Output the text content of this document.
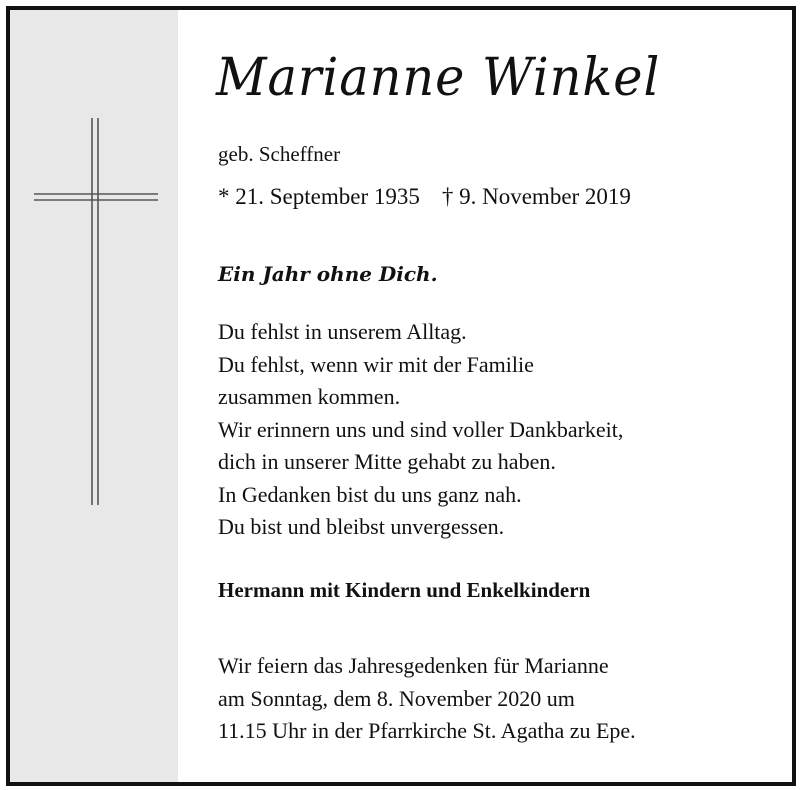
Marianne Winkel
geb. Scheffner
* 21. September 1935 † 9. November 2019
Ein Jahr ohne Dich.
Du fehlst in unserem Alltag.
Du fehlst, wenn wir mit der Familie
zusammen kommen.
Wir erinnern uns und sind voller Dankbarkeit,
dich in unserer Mitte gehabt zu haben.
In Gedanken bist du uns ganz nah.
Du bist und bleibst unvergessen.
Hermann mit Kindern und Enkelkindern
Wir feiern das Jahresgedenken für Marianne
am Sonntag, dem 8. November 2020 um
11.15 Uhr in der Pfarrkirche St. Agatha zu Epe.
